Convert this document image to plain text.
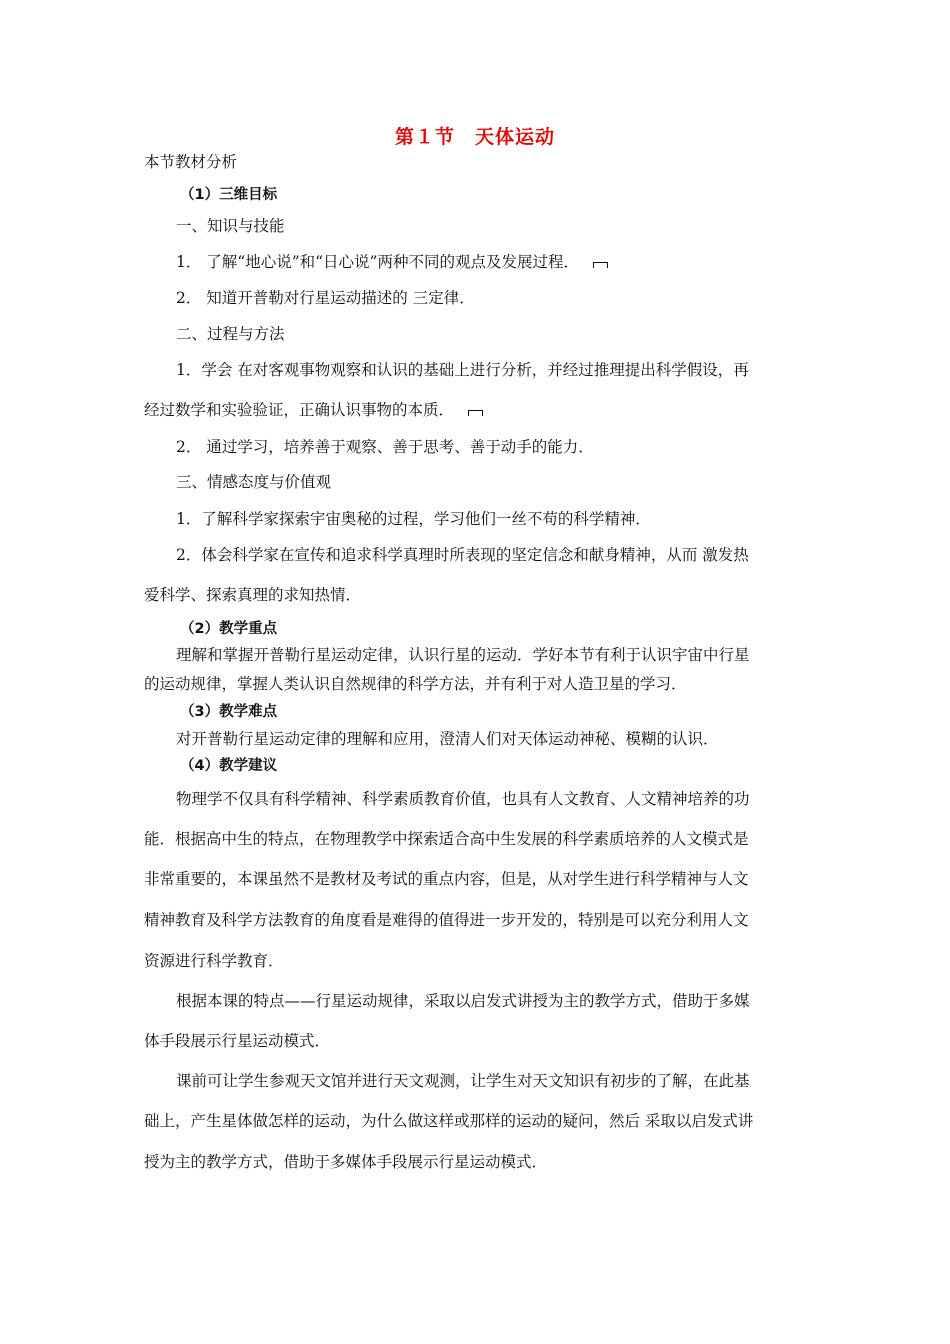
第１节　天体运动
本节教材分析
（1）三维目标
一、知识与技能
1． 了解“地心说”和“日心说”两种不同的观点及发展过程．
2． 知道开普勒对行星运动描述的 三定律．
二、过程与方法
1．学会 在对客观事物观察和认识的基础上进行分析，并经过推理提出科学假设，再
经过数学和实验验证，正确认识事物的本质．
2． 通过学习，培养善于观察、善于思考、善于动手的能力．
三、情感态度与价值观
1．了解科学家探索宇宙奥秘的过程，学习他们一丝不苟的科学精神．
2．体会科学家在宣传和追求科学真理时所表现的坚定信念和献身精神，从而 激发热
爱科学、探索真理的求知热情．
（2）教学重点
理解和掌握开普勒行星运动定律，认识行星的运动．学好本节有利于认识宇宙中行星
的运动规律，掌握人类认识自然规律的科学方法，并有利于对人造卫星的学习．
（3）教学难点
对开普勒行星运动定律的理解和应用，澄清人们对天体运动神秘、模糊的认识．
（4）教学建议
物理学不仅具有科学精神、科学素质教育价值，也具有人文教育、人文精神培养的功
能．根据高中生的特点，在物理教学中探索适合高中生发展的科学素质培养的人文模式是
非常重要的，本课虽然不是教材及考试的重点内容，但是，从对学生进行科学精神与人文
精神教育及科学方法教育的角度看是难得的值得进一步开发的，特别是可以充分利用人文
资源进行科学教育．
根据本课的特点——行星运动规律，采取以启发式讲授为主的教学方式，借助于多媒
体手段展示行星运动模式．
课前可让学生参观天文馆并进行天文观测，让学生对天文知识有初步的了解，在此基
础上，产生星体做怎样的运动，为什么做这样或那样的运动的疑问，然后 采取以启发式讲
授为主的教学方式，借助于多媒体手段展示行星运动模式．
